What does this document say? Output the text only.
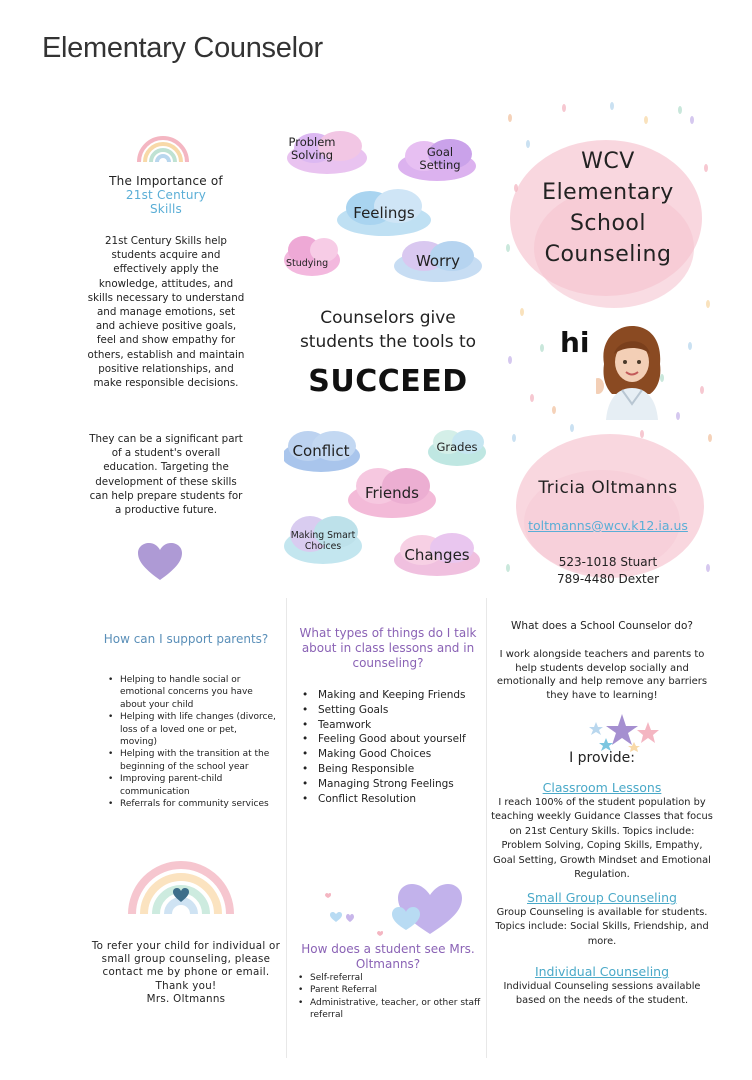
Elementary Counselor
The Importance of
21st Century
Skills
21st Century Skills help students acquire and effectively apply the knowledge, attitudes, and skills necessary to understand and manage emotions, set and achieve positive goals, feel and show empathy for others, establish and maintain positive relationships, and make responsible decisions.
They can be a significant part of a student's overall education. Targeting the development of these skills can help prepare students for a productive future.
Problem Solving	Goal Setting
Feelings
Studying	Worry
Counselors give students the tools to
SUCCEED
Conflict	Grades
Friends
Making Smart Choices	Changes
WCV Elementary School Counseling
hi
Tricia Oltmanns
toltmanns@wcv.k12.ia.us
523-1018 Stuart
789-4480 Dexter
How can I support parents?
• Helping to handle social or emotional concerns you have about your child
• Helping with life changes (divorce, loss of a loved one or pet, moving)
• Helping with the transition at the beginning of the school year
• Improving parent-child communication
• Referrals for community services
To refer your child for individual or small group counseling, please contact me by phone or email.
Thank you!
Mrs. Oltmanns
What types of things do I talk about in class lessons and in counseling?
• Making and Keeping Friends
• Setting Goals
• Teamwork
• Feeling Good about yourself
• Making Good Choices
• Being Responsible
• Managing Strong Feelings
• Conflict Resolution
How does a student see Mrs. Oltmanns?
• Self-referral
• Parent Referral
• Administrative, teacher, or other staff referral
What does a School Counselor do?
I work alongside teachers and parents to help students develop socially and emotionally and help remove any barriers they have to learning!
I provide:
Classroom Lessons
I reach 100% of the student population by teaching weekly Guidance Classes that focus on 21st Century Skills. Topics include: Problem Solving, Coping Skills, Empathy, Goal Setting, Growth Mindset and Emotional Regulation.
Small Group Counseling
Group Counseling is available for students. Topics include: Social Skills, Friendship, and more.
Individual Counseling
Individual Counseling sessions available based on the needs of the student.
